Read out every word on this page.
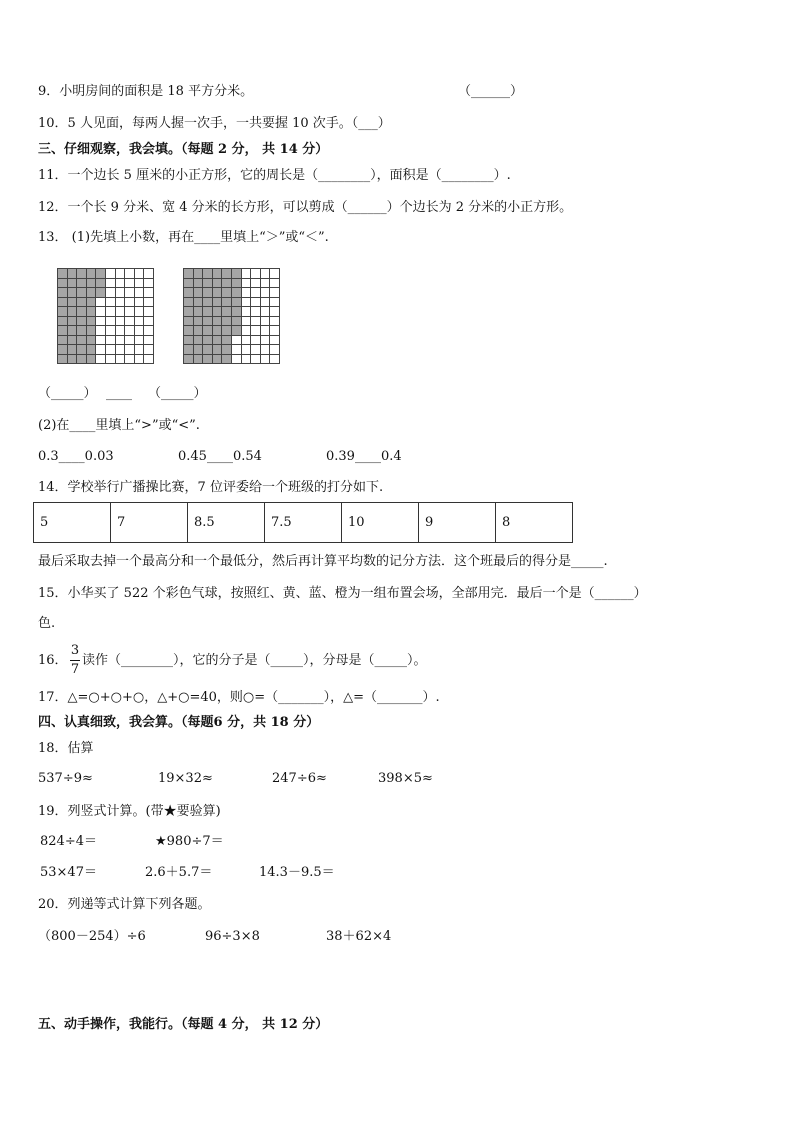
9．小明房间的面积是 18 平方分米。	（______）
10．5 人见面，每两人握一次手，一共要握 10 次手。（___）
三、仔细观察，我会填。（每题 2 分， 共 14 分）
11．一个边长 5 厘米的小正方形，它的周长是（________），面积是（________）.
12．一个长 9 分米、宽 4 分米的长方形，可以剪成（______）个边长为 2 分米的小正方形。
13． (1)先填上小数，再在____里填上“＞”或“＜”.
（_____） ____ （_____）
(2)在____里填上“>”或“<”.
0.3____0.03	0.45____0.54	0.39____0.4
14．学校举行广播操比赛，7 位评委给一个班级的打分如下.
5	7	8.5	7.5	10	9	8
最后采取去掉一个最高分和一个最低分，然后再计算平均数的记分方法．这个班最后的得分是_____.
15．小华买了 522 个彩色气球，按照红、黄、蓝、橙为一组布置会场，全部用完．最后一个是（______）
色.
16．
3
7
读作（________），它的分子是（_____），分母是（_____）。
17．△=○+○+○，△+○=40，则○=（_______），△=（_______）.
四、认真细致，我会算。（每题6 分，共 18 分）
18．估算
537÷9≈	19×32≈	247÷6≈	398×5≈
19．列竖式计算。(带★要验算)
824÷4＝	★980÷7＝
53×47＝	2.6＋5.7＝	14.3－9.5＝
20．列递等式计算下列各题。
（800－254）÷6	96÷3×8	38＋62×4
五、动手操作，我能行。（每题 4 分， 共 12 分）
